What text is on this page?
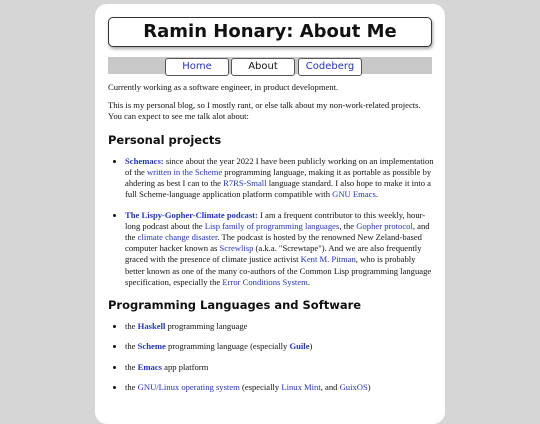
Ramin Honary: About Me
Home	About	Codeberg

Currently working as a software engineer, in product development.

This is my personal blog, so I mostly rant, or else talk about my non-work-related projects. You can expect to see me talk alot about:

Personal projects
• Schemacs: since about the year 2022 I have been publicly working on an implementation of the written in the Scheme programming language, making it as portable as possible by ahdering as best I can to the R7RS-Small language standard. I also hope to make it into a full Scheme-language application platform compatible with GNU Emacs.
• The Lispy-Gopher-Climate podcast: I am a frequent contributor to this weekly, hour-long podcast about the Lisp family of programming languages, the Gopher protocol, and the climate change disaster. The podcast is hosted by the renowned New Zeland-based computer hacker known as Screwlisp (a.k.a. "Screwtape"). And we are also frequently graced with the presence of climate justice activist Kent M. Pitman, who is probably better known as one of the many co-authors of the Common Lisp programming language specification, especially the Error Conditions System.
Programming Languages and Software
• the Haskell programming language
• the Scheme programming language (especially Guile)
• the Emacs app platform
• the GNU/Linux operating system (especially Linux Mint, and GuixOS)
